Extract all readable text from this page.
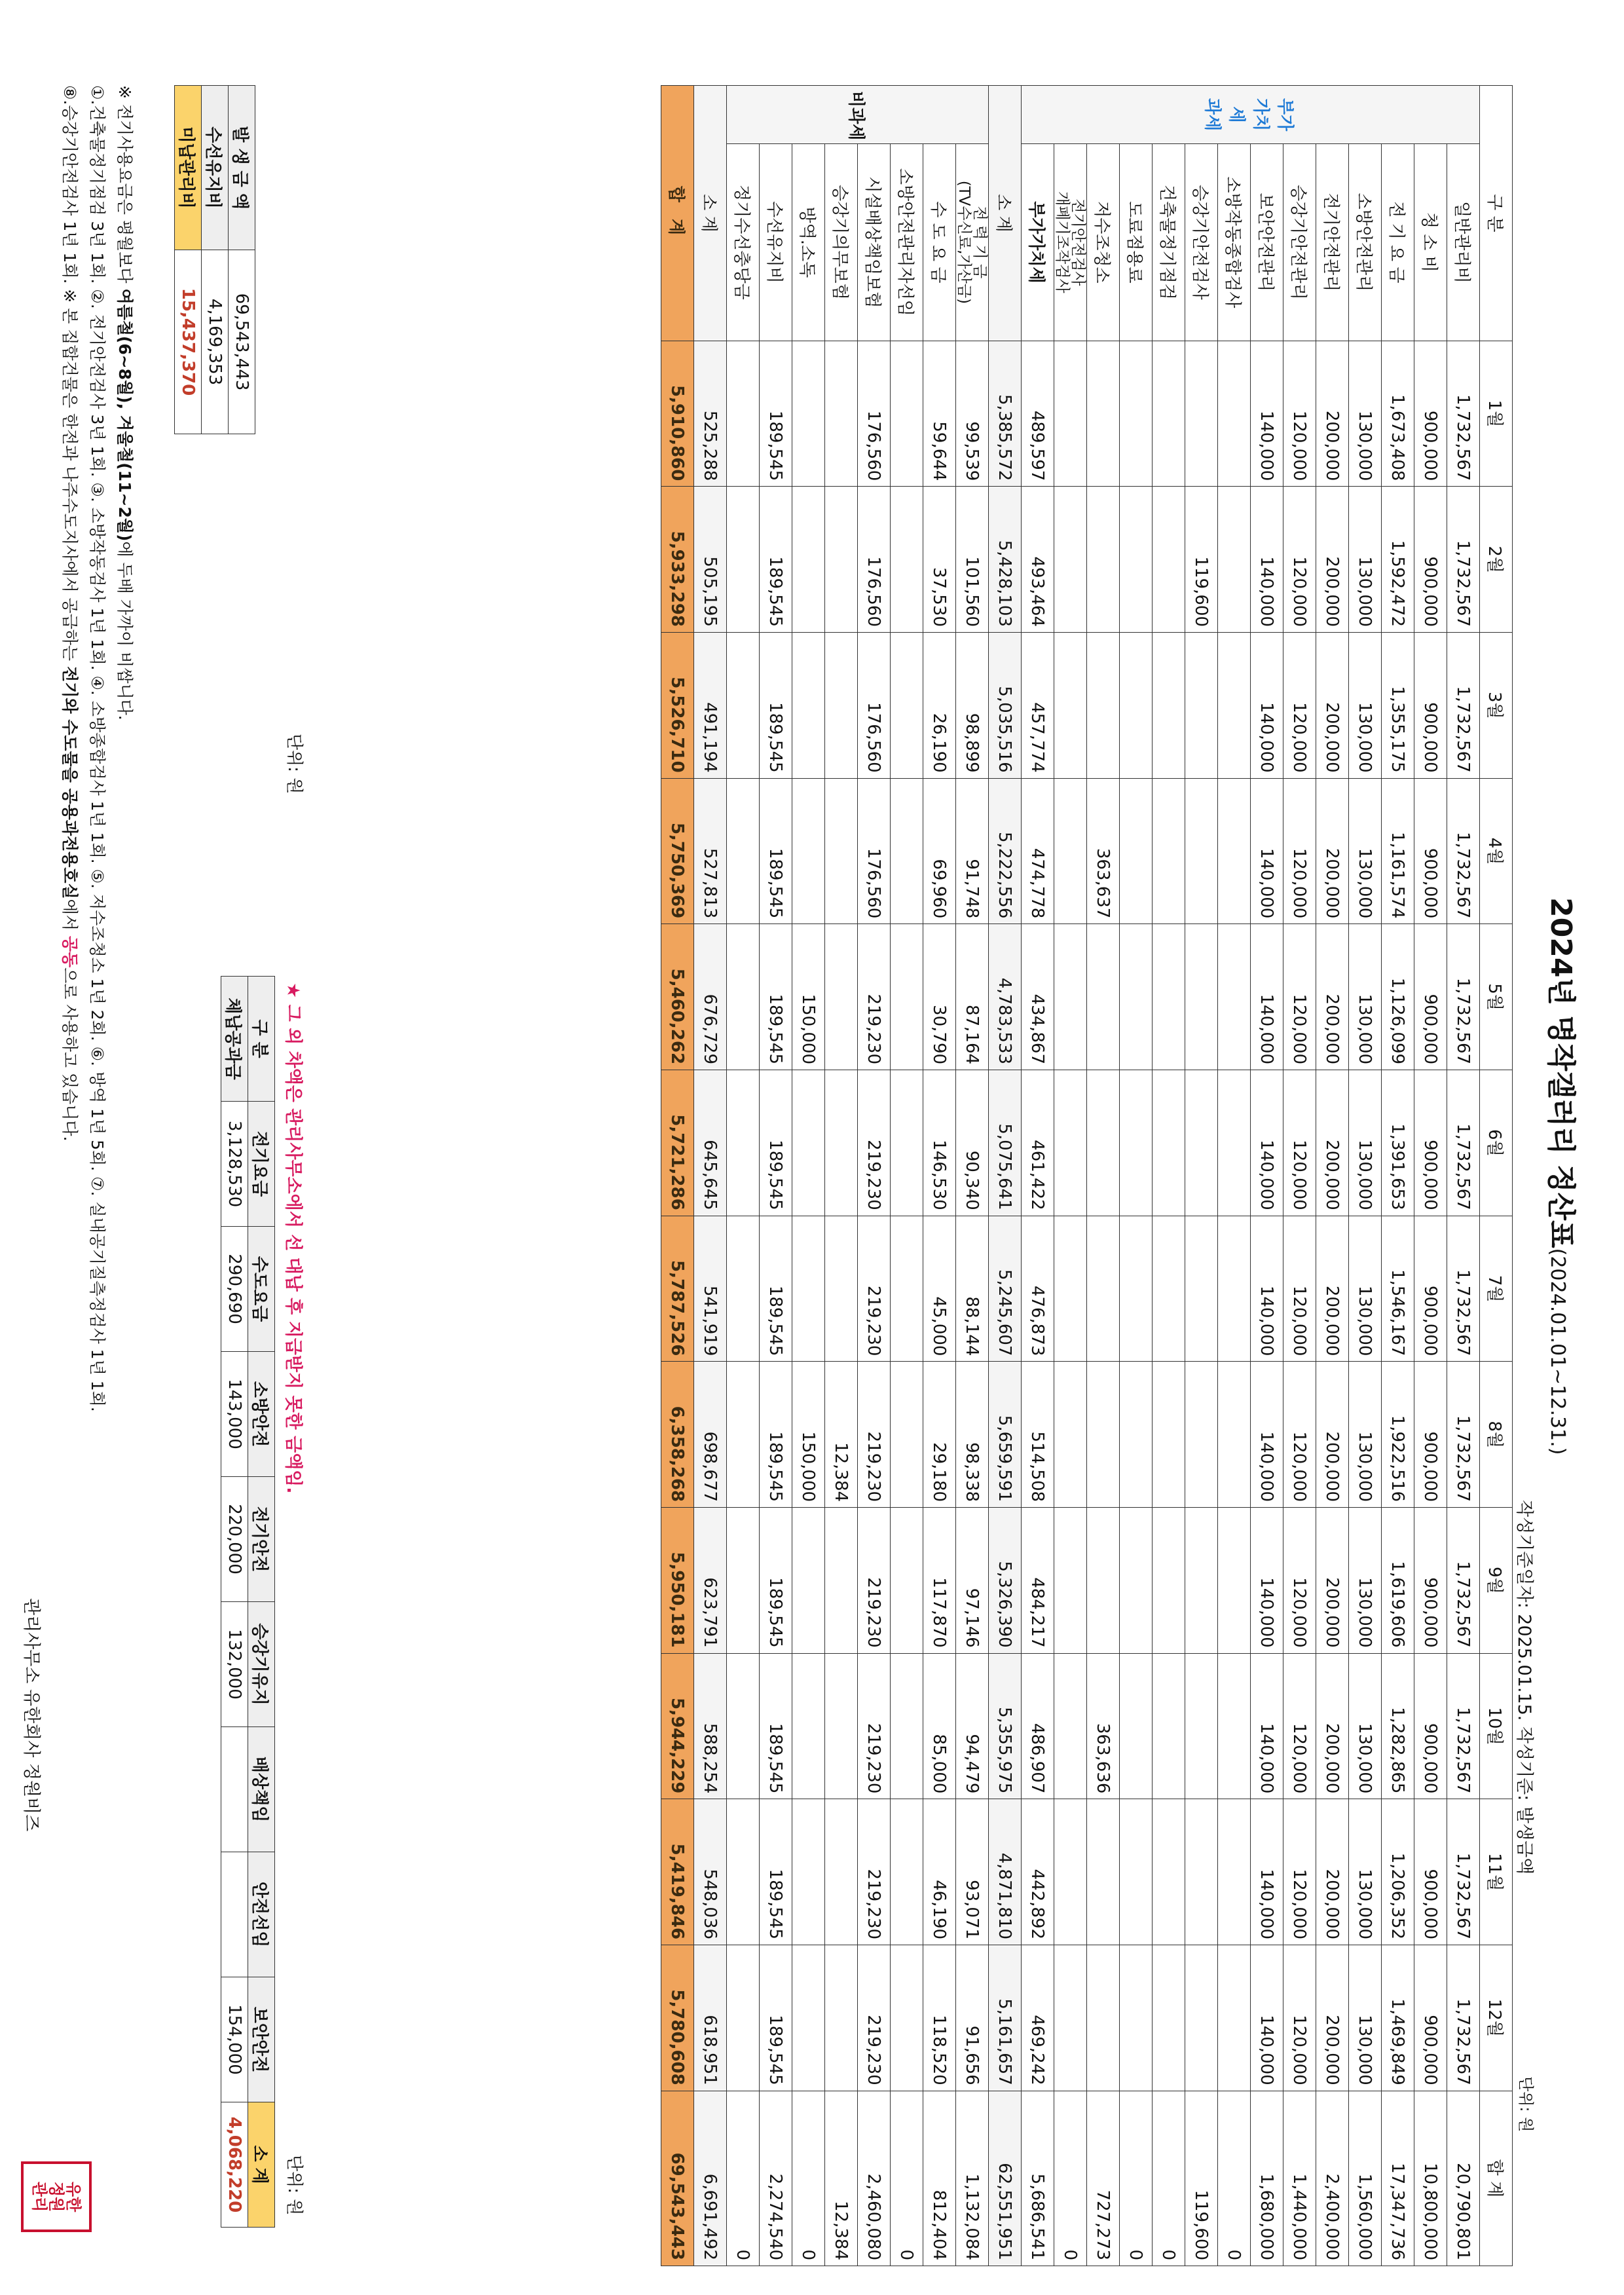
2024년 명작갤러리 정산표(2024.01.01~12.31.)
작성기준일자: 2025.01.15. 작성기준: 발생금액
단위: 원
구 분		1월	2월	3월	4월	5월	6월	7월	8월	9월	10월	11월	12월	합 계
부가가치세
과세	일반관리비	1,732,567	1,732,567	1,732,567	1,732,567	1,732,567	1,732,567	1,732,567	1,732,567	1,732,567	1,732,567	1,732,567	1,732,567	20,790,801
	청 소 비	900,000	900,000	900,000	900,000	900,000	900,000	900,000	900,000	900,000	900,000	900,000	900,000	10,800,000
	전 기 요 금	1,673,408	1,592,472	1,355,175	1,161,574	1,126,099	1,391,653	1,546,167	1,922,516	1,619,606	1,282,865	1,206,352	1,469,849	17,347,736
	소방안전관리	130,000	130,000	130,000	130,000	130,000	130,000	130,000	130,000	130,000	130,000	130,000	130,000	1,560,000
	전기안전관리	200,000	200,000	200,000	200,000	200,000	200,000	200,000	200,000	200,000	200,000	200,000	200,000	2,400,000
	승강기안전관리	120,000	120,000	120,000	120,000	120,000	120,000	120,000	120,000	120,000	120,000	120,000	120,000	1,440,000
	보안안전관리	140,000	140,000	140,000	140,000	140,000	140,000	140,000	140,000	140,000	140,000	140,000	140,000	1,680,000
	소방작동종합검사													0
	승강기안전검사		119,600											119,600
	건축물정기점검													0
	도료점용료													0
	저수조청소				363,637						363,636			727,273
	전기안전검사
개폐기조작검사													0
	부가가치세	489,597	493,464	457,774	474,778	434,867	461,422	476,873	514,508	484,217	486,907	442,892	469,242	5,686,541
소 계		5,385,572	5,428,103	5,035,516	5,222,556	4,783,533	5,075,641	5,245,607	5,659,591	5,326,390	5,355,975	4,871,810	5,161,657	62,551,951
비과세	전 력 기 금
(TV수신료,가산금)	99,539	101,560	98,899	91,748	87,164	90,340	88,144	98,338	97,146	94,479	93,071	91,656	1,132,084
	수 도 요 금	59,644	37,530	26,190	69,960	30,790	146,530	45,000	29,180	117,870	85,000	46,190	118,520	812,404
	소방안전관리자선임													0
	시설배상책임보험	176,560	176,560	176,560	176,560	219,230	219,230	219,230	219,230	219,230	219,230	219,230	219,230	2,460,080
	승강기의무보험								12,384					12,384
	방역.소독					150,000			150,000					0
	수선유지비	189,545	189,545	189,545	189,545	189,545	189,545	189,545	189,545	189,545	189,545	189,545	189,545	2,274,540
	정기수선충당금													0
소 계		525,288	505,195	491,194	527,813	676,729	645,645	541,919	698,677	623,791	588,254	548,036	618,951	6,691,492
합 계		5,910,860	5,933,298	5,526,710	5,750,369	5,460,262	5,721,286	5,787,526	6,358,268	5,950,181	5,944,229	5,419,846	5,780,608	69,543,443
발 생 금 액	69,543,443
수선유지비	4,169,353
미납관리비	15,437,370
단위: 원
★ 그 외 차액은 관리사무소에서 선 대납 후 지급받지 못한 금액임.
단위: 원
구 분	전기요금	수도요금	소방안전	전기안전	승강기유지	배상책임	안전선임	보안안전	소 계
체납공과금	3,128,530	290,690	143,000	220,000	132,000			154,000	4,068,220
※ 전기사용요금은 평월보다 여름철(6~8월), 겨울철(11~2월)에 두배 가까이 비쌉니다.
①.건축물정기점검 3년 1회. ②. 전기안전검사 3년 1회. ③. 소방작동검사 1년 1회. ④. 소방종합검사 1년 1회. ⑤. 저수조청소 1년 2회. ⑥. 방역 1년 5회. ⑦. 실내공기질측정검사 1년 1회.
⑧.승강기안전검사 1년 1회. ※ 본 집합건물은 한전과 나주수도지사에서 공급하는 전기와 수도물을 공용과전용호실에서 공동으로 사용하고 있습니다.
관리사무소 유한회사 정원비즈
유한
정원
관리
